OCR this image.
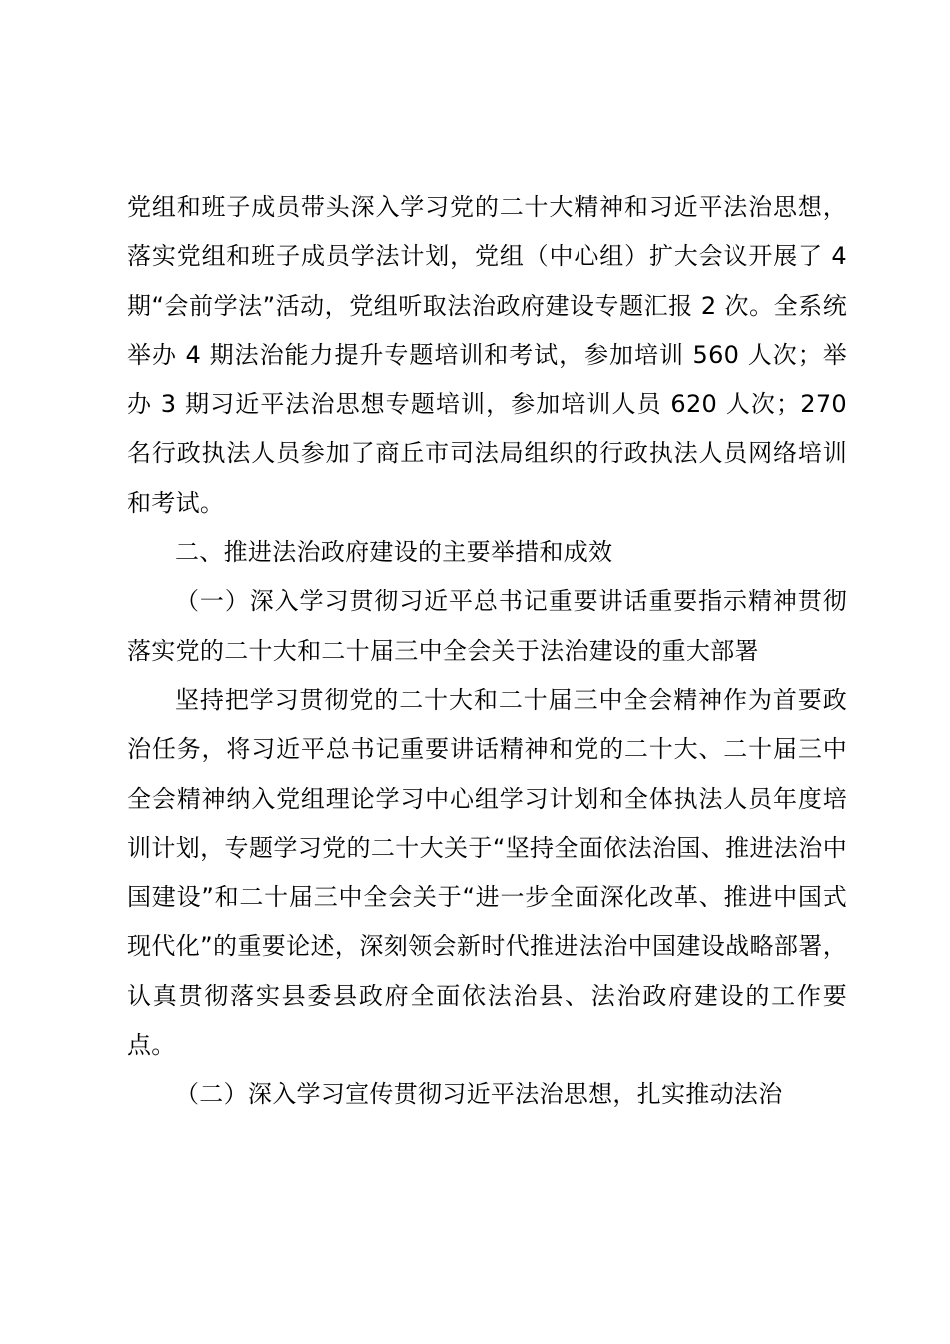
党组和班子成员带头深入学习党的二十大精神和习近平法治思想，落实党组和班子成员学法计划，党组（中心组）扩大会议开展了 4 期“会前学法”活动，党组听取法治政府建设专题汇报 2 次。全系统举办 4 期法治能力提升专题培训和考试，参加培训 560 人次；举办 3 期习近平法治思想专题培训，参加培训人员 620 人次；270 名行政执法人员参加了商丘市司法局组织的行政执法人员网络培训和考试。

二、推进法治政府建设的主要举措和成效

（一）深入学习贯彻习近平总书记重要讲话重要指示精神贯彻落实党的二十大和二十届三中全会关于法治建设的重大部署

坚持把学习贯彻党的二十大和二十届三中全会精神作为首要政治任务，将习近平总书记重要讲话精神和党的二十大、二十届三中全会精神纳入党组理论学习中心组学习计划和全体执法人员年度培训计划，专题学习党的二十大关于“坚持全面依法治国、推进法治中国建设”和二十届三中全会关于“进一步全面深化改革、推进中国式现代化”的重要论述，深刻领会新时代推进法治中国建设战略部署，认真贯彻落实县委县政府全面依法治县、法治政府建设的工作要点。

（二）深入学习宣传贯彻习近平法治思想，扎实推动法治
